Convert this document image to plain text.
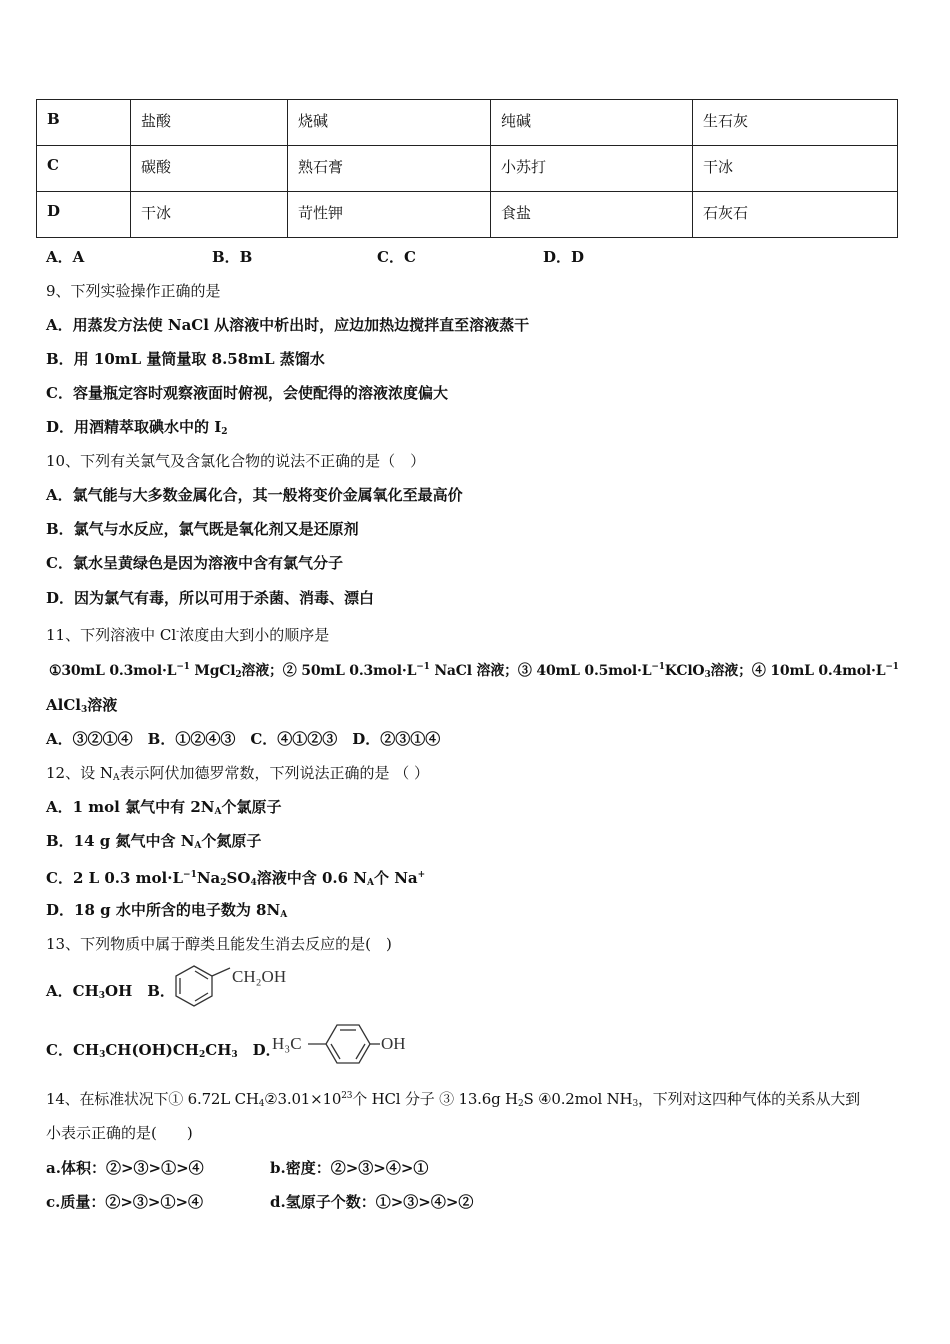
B	盐酸	烧碱	纯碱	生石灰
C	碳酸	熟石膏	小苏打	干冰
D	干冰	苛性钾	食盐	石灰石
A．A	B．B	C．C	D．D
9、下列实验操作正确的是
A．用蒸发方法使 NaCl 从溶液中析出时，应边加热边搅拌直至溶液蒸干
B．用 10mL 量筒量取 8.58mL 蒸馏水
C．容量瓶定容时观察液面时俯视，会使配得的溶液浓度偏大
D．用酒精萃取碘水中的 $I_2$
10、下列有关氯气及含氯化合物的说法不正确的是（　）
A．氯气能与大多数金属化合，其一般将变价金属氧化至最高价
B．氯气与水反应，氯气既是氧化剂又是还原剂
C．氯水呈黄绿色是因为溶液中含有氯气分子
D．因为氯气有毒，所以可用于杀菌、消毒、漂白
11、下列溶液中 Cl-浓度由大到小的顺序是
①30mL $0.3mol\cdot L^{-1}$ MgCl$_2$溶液；② 50mL $0.3mol\cdot L^{-1}$ NaCl 溶液；③ 40mL $0.5mol\cdot L^{-1}KClO_3$溶液；④ 10mL $0.4mol\cdot L^{-1}$
AlCl$_3$溶液
A．③②①④　B．①②④③　C．④①②③　D．②③①④
12、设 $N_A$表示阿伏加德罗常数，下列说法正确的是 （ ）
A．1 mol 氯气中有 $2N_A$个氯原子
B．14 g 氮气中含 $N_A$个氮原子
C．2 L 0.3 $mol\cdot L^{-1}Na_2SO_4$溶液中含 0.6 $N_A$个 Na+
D．18 g 水中所含的电子数为 $8N_A$
13、下列物质中属于醇类且能发生消去反应的是(　)
A．$CH_3OH$　B．
CH₂OH
C．$CH_3CH(OH)CH_2CH_3$　D．
H₃C	OH
14、在标准状况下① 6.72L $CH_4②3.01\times 10^{23}$个 HCl 分子 ③ 13.6g $H_2S$ ④0.2mol $NH_3$，下列对这四种气体的关系从大到
小表示正确的是(　　)
a.体积：②>③>①>④	b.密度：②>③>④>①
c.质量：②>③>①>④	d.氢原子个数：①>③>④>②
